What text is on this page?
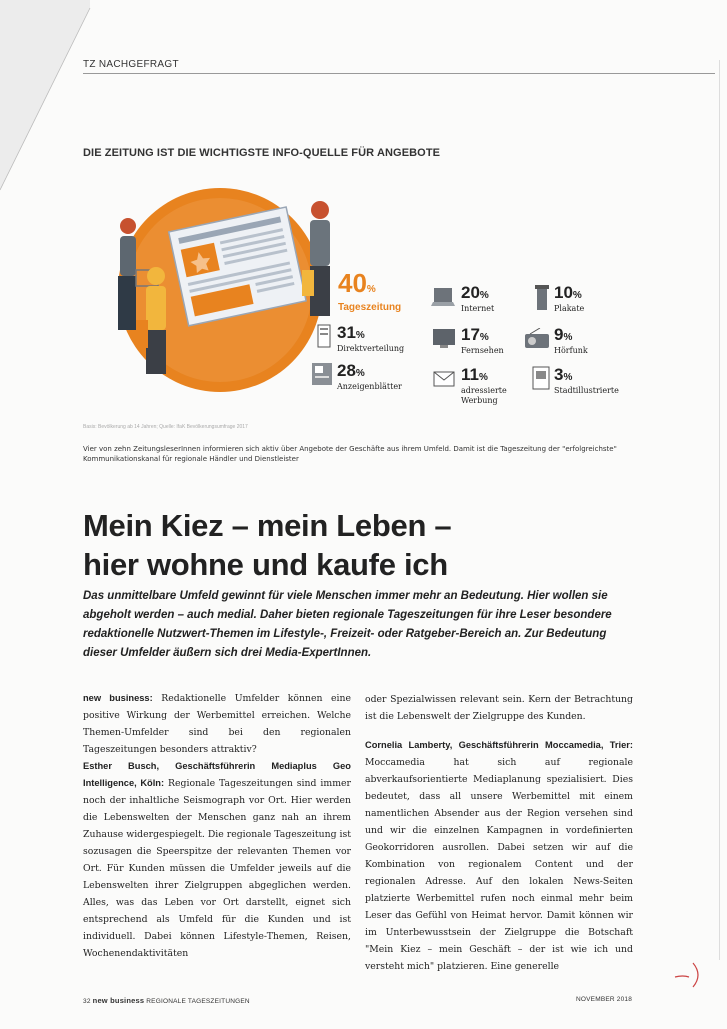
TZ NACHGEFRAGT
DIE ZEITUNG IST DIE WICHTIGSTE INFO-QUELLE FÜR ANGEBOTE
40%
Tageszeitung
31%
Direktverteilung
28%
Anzeigenblätter
20%
Internet
17%
Fernsehen
11%
adressierte Werbung
10%
Plakate
9%
Hörfunk
3%
Stadtillustrierte
Basis: Bevölkerung ab 14 Jahren; Quelle: IfaK Bevölkerungsumfrage 2017
Vier von zehn ZeitungsleserInnen informieren sich aktiv über Angebote der Geschäfte aus ihrem Umfeld. Damit ist die Tageszeitung der "erfolgreichste" Kommunikationskanal für regionale Händler und Dienstleister
Mein Kiez – mein Leben –
hier wohne und kaufe ich
Das unmittelbare Umfeld gewinnt für viele Menschen immer mehr an Bedeutung. Hier wollen sie abgeholt werden – auch medial. Daher bieten regionale Tageszeitungen für ihre Leser besondere redaktionelle Nutzwert-Themen im Lifestyle-, Freizeit- oder Ratgeber-Bereich an. Zur Bedeutung dieser Umfelder äußern sich drei Media-ExpertInnen.

new business: Redaktionelle Umfelder können eine positive Wirkung der Werbemittel erreichen. Welche Themen-Umfelder sind bei den regionalen Tageszeitungen besonders attraktiv?

Esther Busch, Geschäftsführerin Mediaplus Geo Intelligence, Köln: Regionale Tageszeitungen sind immer noch der inhaltliche Seismograph vor Ort. Hier werden die Lebenswelten der Menschen ganz nah an ihrem Zuhause widergespiegelt. Die regionale Tageszeitung ist sozusagen die Speerspitze der relevanten Themen vor Ort. Für Kunden müssen die Umfelder jeweils auf die Lebenswelten ihrer Zielgruppen abgeglichen werden. Alles, was das Leben vor Ort darstellt, eignet sich entsprechend als Umfeld für die Kunden und ist individuell. Dabei können Lifestyle-Themen, Reisen, Wochenendaktivitäten

oder Spezialwissen relevant sein. Kern der Betrachtung ist die Lebenswelt der Zielgruppe des Kunden.

Cornelia Lamberty, Geschäftsführerin Moccamedia, Trier: Moccamedia hat sich auf regionale abverkaufsorientierte Mediaplanung spezialisiert. Dies bedeutet, dass all unsere Werbemittel mit einem namentlichen Absender aus der Region versehen sind und wir die einzelnen Kampagnen in vordefinierten Geokorridoren ausrollen. Dabei setzen wir auf die Kombination von regionalem Content und der regionalen Adresse. Auf den lokalen News-Seiten platzierte Werbemittel rufen noch einmal mehr beim Leser das Gefühl von Heimat hervor. Damit können wir im Unterbewusstsein der Zielgruppe die Botschaft "Mein Kiez – mein Geschäft – der ist wie ich und versteht mich" platzieren. Eine generelle

32 new business REGIONALE TAGESZEITUNGEN	NOVEMBER 2018
